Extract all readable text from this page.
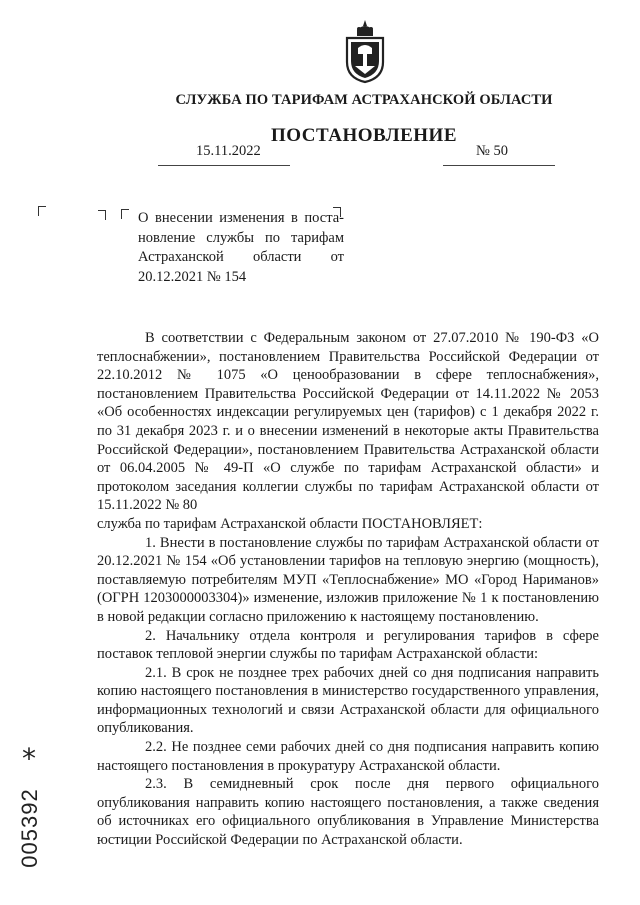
СЛУЖБА ПО ТАРИФАМ АСТРАХАНСКОЙ ОБЛАСТИ
ПОСТАНОВЛЕНИЕ
15.11.2022	№ 50
О внесении изменения в поста-
новление службы по тарифам
Астраханской области от
20.12.2021 № 154

В соответствии с Федеральным законом от 27.07.2010 № 190-ФЗ «О теплоснабжении», постановлением Правительства Российской Федерации от 22.10.2012 № 1075 «О ценообразовании в сфере теплоснабжения», постановлением Правительства Российской Федерации от 14.11.2022 № 2053 «Об особенностях индексации регулируемых цен (тарифов) с 1 декабря 2022 г. по 31 декабря 2023 г. и о внесении изменений в некоторые акты Правительства Российской Федерации», постановлением Правительства Астраханской области от 06.04.2005 № 49-П «О службе по тарифам Астраханской области» и протоколом заседания коллегии службы по тарифам Астраханской области от 15.11.2022 № 80

служба по тарифам Астраханской области ПОСТАНОВЛЯЕТ:

1. Внести в постановление службы по тарифам Астраханской области от 20.12.2021 № 154 «Об установлении тарифов на тепловую энергию (мощность), поставляемую потребителям МУП «Теплоснабжение» МО «Город Нариманов» (ОГРН 1203000003304)» изменение, изложив приложение № 1 к постановлению в новой редакции согласно приложению к настоящему постановлению.

2. Начальнику отдела контроля и регулирования тарифов в сфере поставок тепловой энергии службы по тарифам Астраханской области:

2.1. В срок не позднее трех рабочих дней со дня подписания направить копию настоящего постановления в министерство государственного управления, информационных технологий и связи Астраханской области для официального опубликования.

2.2. Не позднее семи рабочих дней со дня подписания направить копию настоящего постановления в прокуратуру Астраханской области.

2.3. В семидневный срок после дня первого официального опубликования направить копию настоящего постановления, а также сведения об источниках его официального опубликования в Управление Министерства юстиции Российской Федерации по Астраханской области.

*
005392
